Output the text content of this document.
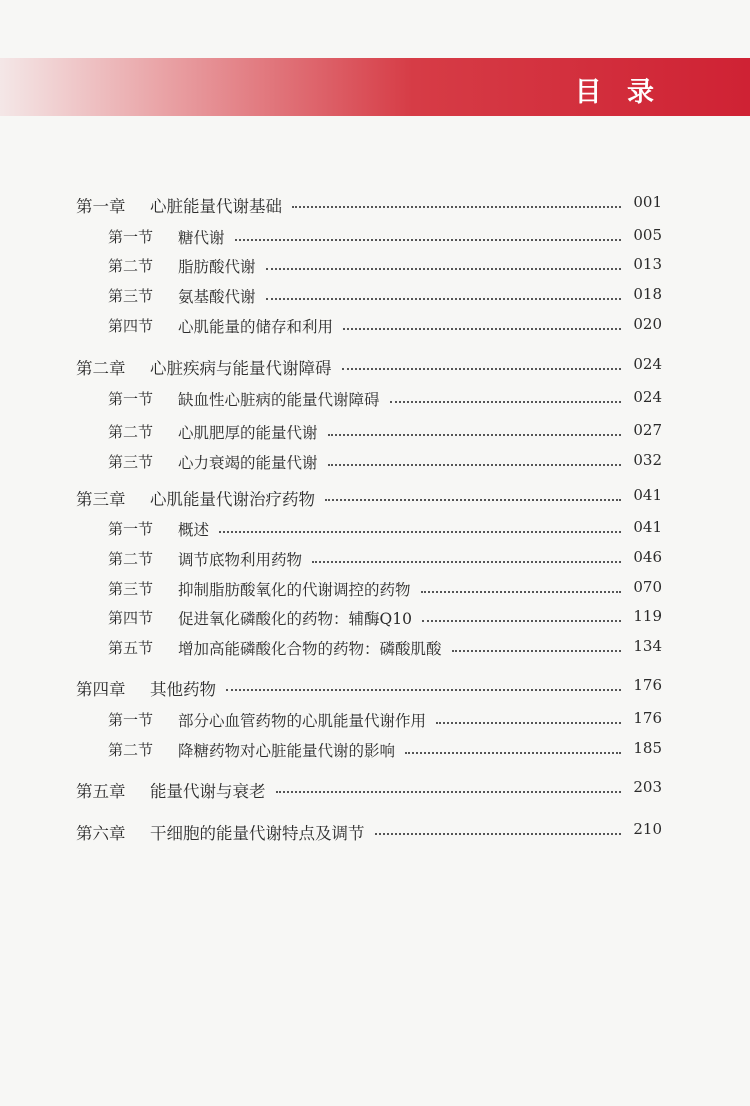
目 录
第一章 心脏能量代谢基础	001
第一节 糖代谢	005
第二节 脂肪酸代谢	013
第三节 氨基酸代谢	018
第四节 心肌能量的储存和利用	020
第二章 心脏疾病与能量代谢障碍	024
第一节 缺血性心脏病的能量代谢障碍	024
第二节 心肌肥厚的能量代谢	027
第三节 心力衰竭的能量代谢	032
第三章 心肌能量代谢治疗药物	041
第一节 概述	041
第二节 调节底物利用药物	046
第三节 抑制脂肪酸氧化的代谢调控的药物	070
第四节 促进氧化磷酸化的药物：辅酶Q10	119
第五节 增加高能磷酸化合物的药物：磷酸肌酸	134
第四章 其他药物	176
第一节 部分心血管药物的心肌能量代谢作用	176
第二节 降糖药物对心脏能量代谢的影响	185
第五章 能量代谢与衰老	203
第六章 干细胞的能量代谢特点及调节	210
